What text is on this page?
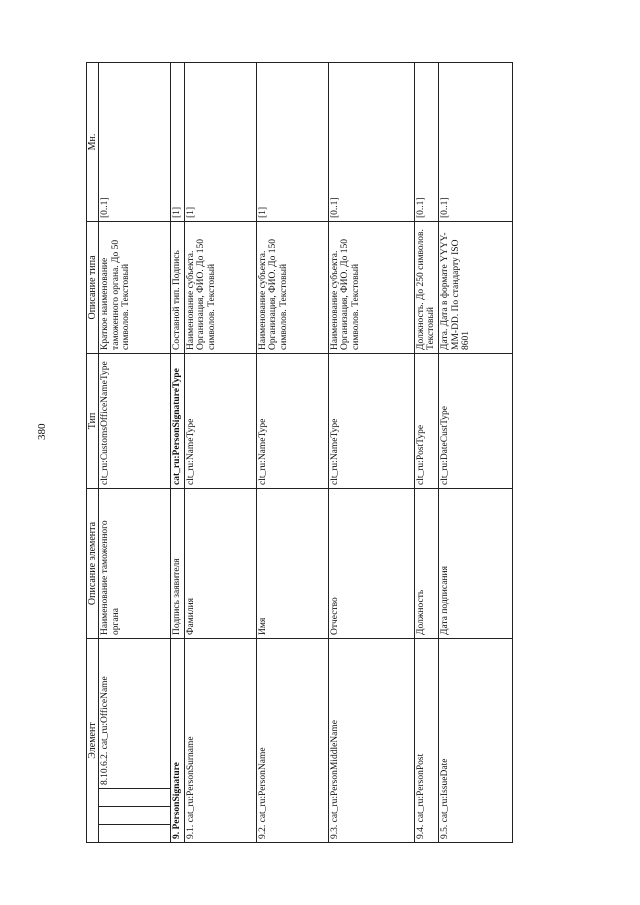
380
Элемент				Описание элемента	Тип	Описание типа	Мн.
			8.10.6.2. cat_ru:OfficeName	Наименование таможенного органа	clt_ru:CustomsOfficeNameType	Краткое наименование таможенного органа. До 50 символов. Текстовый	[0..1]
9. PersonSignature				Подпись заявителя	cat_ru:PersonSignatureType	Составной тип. Подпись	[1]
9.1. cat_ru:PersonSurname				Фамилия	clt_ru:NameType	Наименование субъекта. Организация, ФИО. До 150 символов. Текстовый	[1]
9.2. cat_ru:PersonName				Имя	clt_ru:NameType	Наименование субъекта. Организация, ФИО. До 150 символов. Текстовый	[1]
9.3. cat_ru:PersonMiddleName				Отчество	clt_ru:NameType	Наименование субъекта. Организация, ФИО. До 150 символов. Текстовый	[0..1]
9.4. cat_ru:PersonPost				Должность	clt_ru:PostType	Должность. До 250 символов. Текстовый	[0..1]
9.5. cat_ru:IssueDate				Дата подписания	clt_ru:DateCustType	Дата. Дата в формате YYYY-MM-DD. По стандарту ISO 8601	[0..1]
